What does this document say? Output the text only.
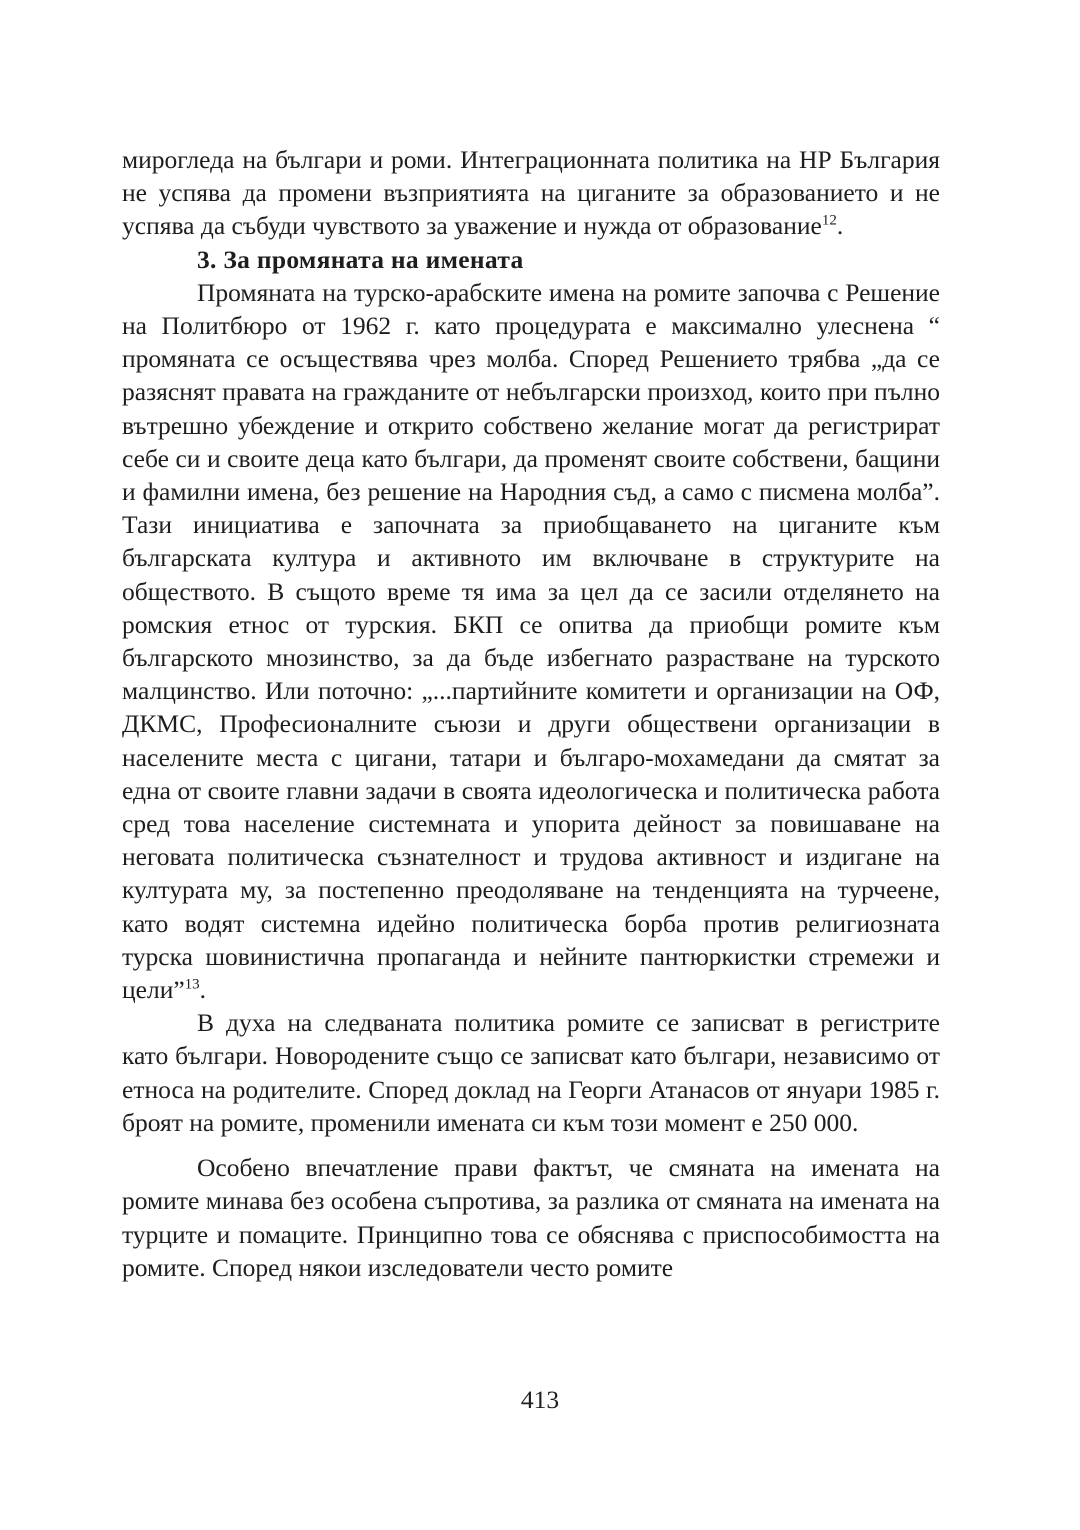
мирогледа на българи и роми. Интеграционната политика на НР България не успява да промени възприятията на циганите за образованието и не успява да събуди чувството за уважение и нужда от образование$^{12}$.

3. За промяната на имената

Промяната на турско-арабските имена на ромите започва с Решение на Политбюро от 1962 г. като процедурата е максимално улеснена “ промяната се осъществява чрез молба. Според Решението трябва „да се разяснят правата на гражданите от небългарски произход, които при пълно вътрешно убеждение и открито собствено желание могат да регистрират себе си и своите деца като българи, да променят своите собствени, бащини и фамилни имена, без решение на Народния съд, а само с писмена молба”. Тази инициатива е започната за приобщаването на циганите към българската култура и активното им включване в структурите на обществото. В същото време тя има за цел да се засили отделянето на ромския етнос от турския. БКП се опитва да приобщи ромите към българското мнозинство, за да бъде избегнато разрастване на турското малцинство. Или поточно: „...партийните комитети и организации на ОФ, ДКМС, Професионалните съюзи и други обществени организации в населените места с цигани, татари и българо-мохамедани да смятат за една от своите главни задачи в своята идеологическа и политическа работа сред това население системната и упорита дейност за повишаване на неговата политическа съзнателност и трудова активност и издигане на културата му, за постепенно преодоляване на тенденцията на турчеене, като водят системна идейно политическа борба против религиозната турска шовинистична пропаганда и нейните пантюркистки стремежи и цели”$^{13}$.

В духа на следваната политика ромите се записват в регистрите като българи. Новородените също се записват като българи, независимо от етноса на родителите. Според доклад на Георги Атанасов от януари 1985 г. броят на ромите, променили имената си към този момент е 250 000.

Особено впечатление прави фактът, че смяната на имената на ромите минава без особена съпротива, за разлика от смяната на имената на турците и помаците. Принципно това се обяснява с приспособимостта на ромите. Според някои изследователи често ромите

413
